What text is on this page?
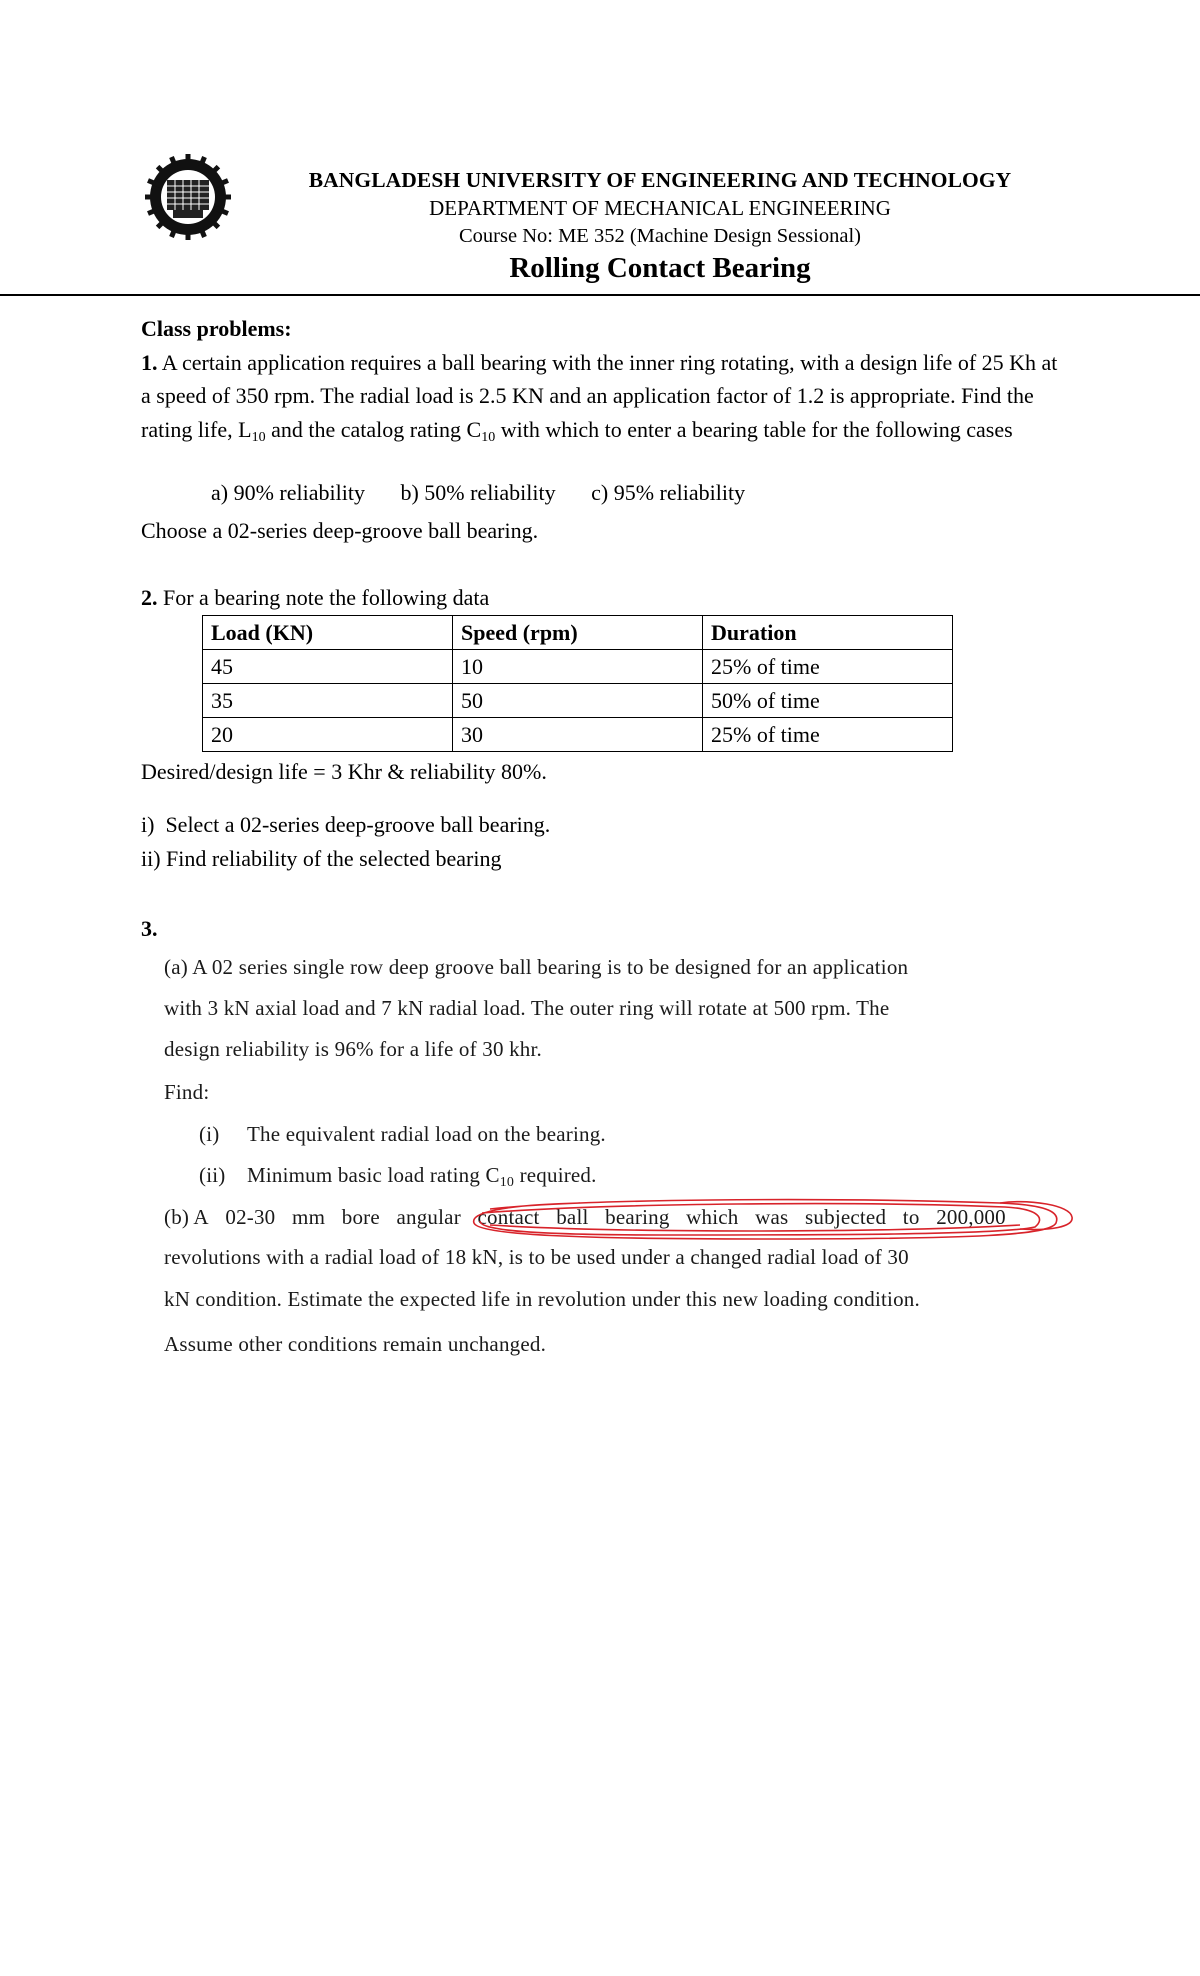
BANGLADESH UNIVERSITY OF ENGINEERING AND TECHNOLOGY
DEPARTMENT OF MECHANICAL ENGINEERING
Course No: ME 352 (Machine Design Sessional)
Rolling Contact Bearing
Class problems:
1. A certain application requires a ball bearing with the inner ring rotating, with a design life of 25 Kh at a speed of 350 rpm. The radial load is 2.5 KN and an application factor of 1.2 is appropriate. Find the rating life, $L_{10}$ and the catalog rating $C_{10}$ with which to enter a bearing table for the following cases
a) 90% reliability b) 50% reliability c) 95% reliability
Choose a 02-series deep-groove ball bearing.
2. For a bearing note the following data
Load (KN)	Speed (rpm)	Duration
45	10	25% of time
35	50	50% of time
20	30	25% of time
Desired/design life = 3 Khr & reliability 80%.
i)  Select a 02-series deep-groove ball bearing.
ii) Find reliability of the selected bearing
3.
(a) A 02 series single row deep groove ball bearing is to be designed for an application
with 3 kN axial load and 7 kN radial load. The outer ring will rotate at 500 rpm. The
design reliability is 96% for a life of 30 khr.
Find:
(i) The equivalent radial load on the bearing.
(ii) Minimum basic load rating C10 required.
(b) A 02-30 mm bore angular contact ball bearing which was subjected to 200,000
revolutions with a radial load of 18 kN, is to be used under a changed radial load of 30
kN condition. Estimate the expected life in revolution under this new loading condition.
Assume other conditions remain unchanged.
